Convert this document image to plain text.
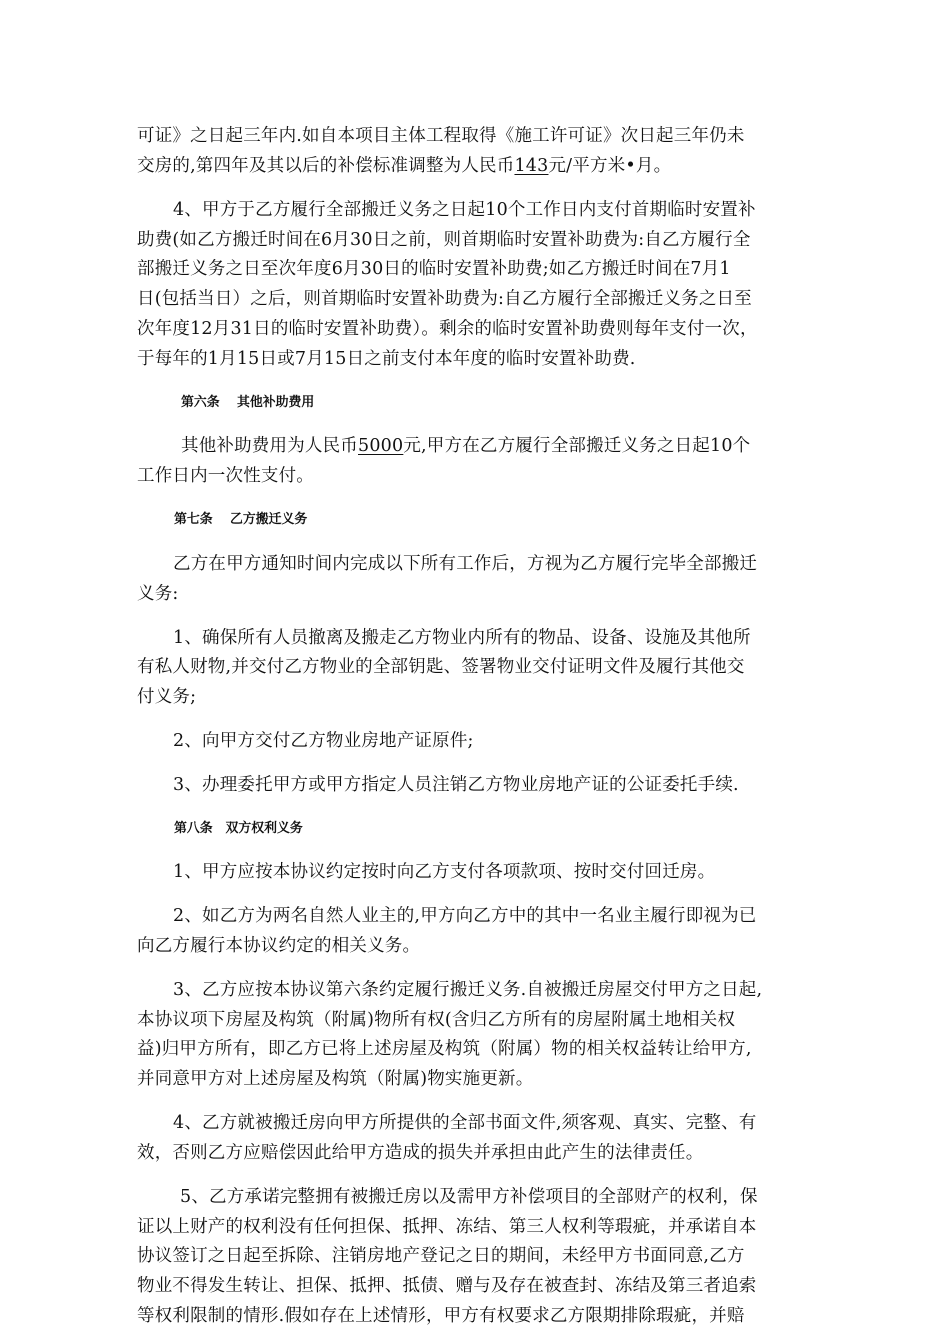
可证》之日起三年内.如自本项目主体工程取得《施工许可证》次日起三年仍未
交房的,第四年及其以后的补偿标准调整为人民币143元/平方米•月。
4、甲方于乙方履行全部搬迁义务之日起10个工作日内支付首期临时安置补
助费(如乙方搬迁时间在6月30日之前，则首期临时安置补助费为:自乙方履行全
部搬迁义务之日至次年度6月30日的临时安置补助费;如乙方搬迁时间在7月1
日(包括当日）之后，则首期临时安置补助费为:自乙方履行全部搬迁义务之日至
次年度12月31日的临时安置补助费）。剩余的临时安置补助费则每年支付一次，
于每年的1月15日或7月15日之前支付本年度的临时安置补助费.
第六条　 其他补助费用
其他补助费用为人民币5000元,甲方在乙方履行全部搬迁义务之日起10个
工作日内一次性支付。
第七条　 乙方搬迁义务
乙方在甲方通知时间内完成以下所有工作后，方视为乙方履行完毕全部搬迁
义务:
1、确保所有人员撤离及搬走乙方物业内所有的物品、设备、设施及其他所
有私人财物,并交付乙方物业的全部钥匙、签署物业交付证明文件及履行其他交
付义务;
2、向甲方交付乙方物业房地产证原件;
3、办理委托甲方或甲方指定人员注销乙方物业房地产证的公证委托手续.
第八条　双方权利义务
1、甲方应按本协议约定按时向乙方支付各项款项、按时交付回迁房。
2、如乙方为两名自然人业主的,甲方向乙方中的其中一名业主履行即视为已
向乙方履行本协议约定的相关义务。
3、乙方应按本协议第六条约定履行搬迁义务.自被搬迁房屋交付甲方之日起,
本协议项下房屋及构筑（附属)物所有权(含归乙方所有的房屋附属土地相关权
益)归甲方所有，即乙方已将上述房屋及构筑（附属）物的相关权益转让给甲方,
并同意甲方对上述房屋及构筑（附属)物实施更新。
4、乙方就被搬迁房向甲方所提供的全部书面文件,须客观、真实、完整、有
效，否则乙方应赔偿因此给甲方造成的损失并承担由此产生的法律责任。
5、乙方承诺完整拥有被搬迁房以及需甲方补偿项目的全部财产的权利，保
证以上财产的权利没有任何担保、抵押、冻结、第三人权利等瑕疵，并承诺自本
协议签订之日起至拆除、注销房地产登记之日的期间，未经甲方书面同意,乙方
物业不得发生转让、担保、抵押、抵债、赠与及存在被查封、冻结及第三者追索
等权利限制的情形.假如存在上述情形，甲方有权要求乙方限期排除瑕疵，并赔
